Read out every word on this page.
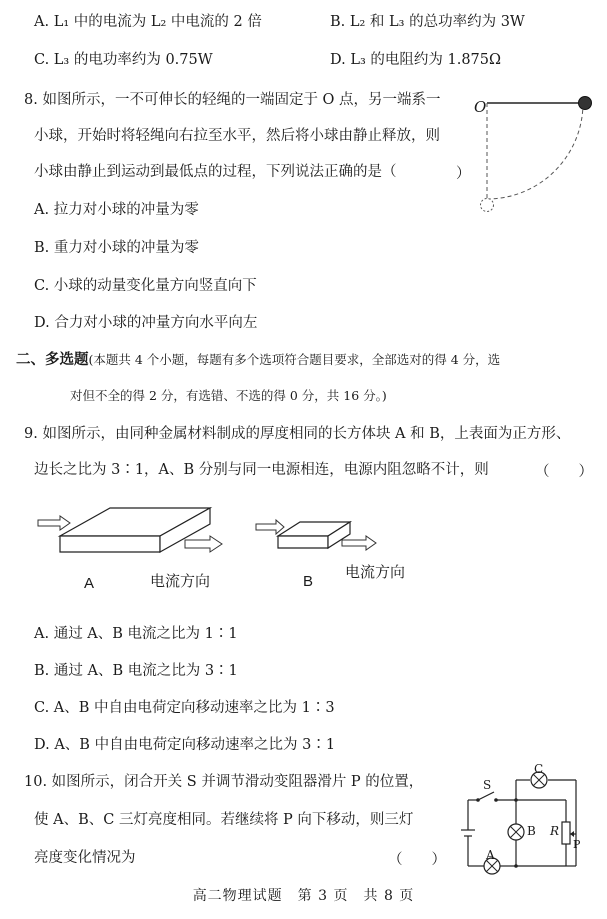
A. L₁ 中的电流为 L₂ 中电流的 2 倍	B. L₂ 和 L₃ 的总功率约为 3W
C. L₃ 的电功率约为 0.75W	D. L₃ 的电阻约为 1.875Ω
8. 如图所示，一不可伸长的轻绳的一端固定于 O 点，另一端系一
小球，开始时将轻绳向右拉至水平，然后将小球由静止释放，则
小球由静止到运动到最低点的过程，下列说法正确的是（	）
O
A. 拉力对小球的冲量为零
B. 重力对小球的冲量为零
C. 小球的动量变化量方向竖直向下
D. 合力对小球的冲量方向水平向左
二、多选题(本题共 4 个小题，每题有多个选项符合题目要求，全部选对的得 4 分，选
对但不全的得 2 分，有选错、不选的得 0 分，共 16 分。)
9. 如图所示，由同种金属材料制成的厚度相同的长方体块 A 和 B，上表面为正方形、
边长之比为 3∶1，A、B 分别与同一电源相连，电源内阻忽略不计，则	（　　）
A	电流方向	B
电流方向
A. 通过 A、B 电流之比为 1∶1
B. 通过 A、B 电流之比为 3∶1
C. A、B 中自由电荷定向移动速率之比为 1∶3
D. A、B 中自由电荷定向移动速率之比为 3∶1
10. 如图所示，闭合开关 S 并调节滑动变阻器滑片 P 的位置，
使 A、B、C 三灯亮度相同。若继续将 P 向下移动，则三灯
亮度变化情况为	（　　）
S
C
B
A
R
P
高二物理试题　第 3 页　共 8 页
